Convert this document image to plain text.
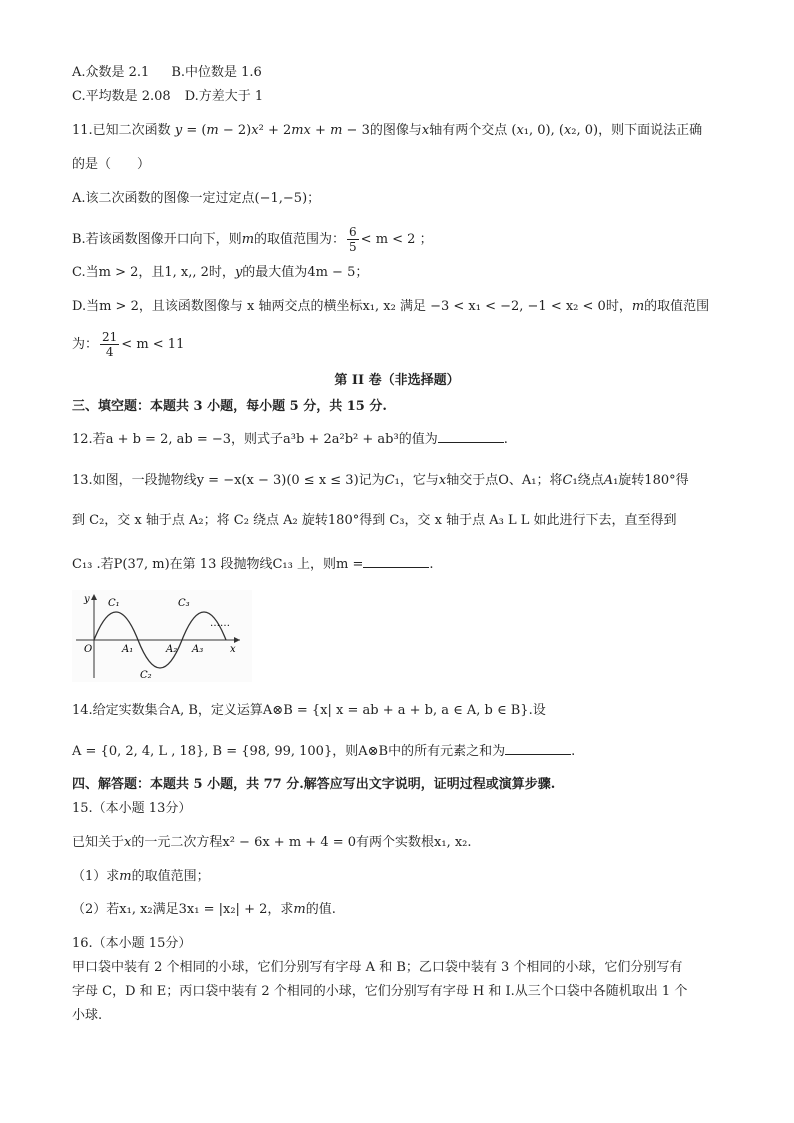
A.众数是 2.1 B.中位数是 1.6
C.平均数是 2.08 D.方差大于 1
11.已知二次函数 y = (m − 2)x² + 2mx + m − 3的图像与x轴有两个交点 (x₁, 0), (x₂, 0)，则下面说法正确
的是（　　）
A.该二次函数的图像一定过定点(−1,−5)；
B.若该函数图像开口向下，则m的取值范围为： $\frac{6}{5} < m < 2$ ；
C.当m > 2，且1, x,, 2时，y的最大值为4m − 5；
D.当m > 2，且该函数图像与 x 轴两交点的横坐标x₁, x₂ 满足 −3 < x₁ < −2, −1 < x₂ < 0时，m的取值范围
为： $\frac{21}{4} < m < 11$
第 II 卷（非选择题）
三、填空题：本题共 3 小题，每小题 5 分，共 15 分.
12.若a + b = 2, ab = −3，则式子a³b + 2a²b² + ab³的值为	.
13.如图，一段抛物线y = −x(x − 3)(0 ≤ x ≤ 3)记为C₁，它与x轴交于点O、A₁；将C₁绕点A₁旋转180°得
到 C₂，交 x 轴于点 A₂；将 C₂ 绕点 A₂ 旋转180°得到 C₃，交 x 轴于点 A₃ L L 如此进行下去，直至得到
C₁₃ .若P(37, m)在第 13 段抛物线C₁₃ 上，则m =	.
y C₁	C₃
……
O	A₁	A₂ A₃	x
C₂
14.给定实数集合A, B，定义运算A⊗B = {x| x = ab + a + b, a ∈ A, b ∈ B}.设
A = {0, 2, 4, L , 18}, B = {98, 99, 100}，则A⊗B中的所有元素之和为	.
四、解答题：本题共 5 小题，共 77 分.解答应写出文字说明，证明过程或演算步骤.
15.（本小题 13分）
已知关于x的一元二次方程x² − 6x + m + 4 = 0有两个实数根x₁, x₂.
（1）求m的取值范围；
（2）若x₁, x₂满足3x₁ = |x₂| + 2，求m的值.
16.（本小题 15分）
甲口袋中装有 2 个相同的小球，它们分别写有字母 A 和 B；乙口袋中装有 3 个相同的小球，它们分别写有
字母 C，D 和 E；丙口袋中装有 2 个相同的小球，它们分别写有字母 H 和 I.从三个口袋中各随机取出 1 个
小球.
